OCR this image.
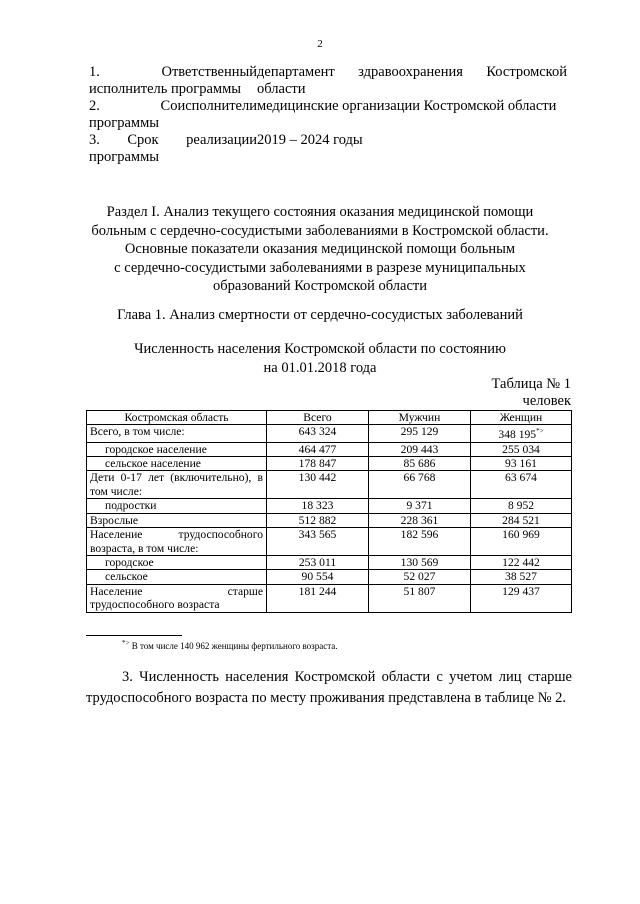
2
1. Ответственный исполнитель программы
департамент здравоохранения Костромской области
2. Соисполнители программы
медицинские организации Костромской области
3. Срок реализации программы
2019 – 2024 годы
Раздел I. Анализ текущего состояния оказания медицинской помощи
больным с сердечно-сосудистыми заболеваниями в Костромской области.
Основные показатели оказания медицинской помощи больным
с сердечно-сосудистыми заболеваниями в разрезе муниципальных
образований Костромской области
Глава 1. Анализ смертности от сердечно-сосудистых заболеваний
Численность населения Костромской области по состоянию
на 01.01.2018 года
Таблица № 1
человек
Костромская область	Всего	Мужчин	Женщин
Всего, в том числе:	643 324	295 129	348 195*>
городское население	464 477	209 443	255 034
сельское население	178 847	85 686	93 161
Дети 0-17 лет (включительно), в том числе:	130 442	66 768	63 674
подростки	18 323	9 371	8 952
Взрослые	512 882	228 361	284 521
Население трудоспособного возраста, в том числе:	343 565	182 596	160 969
городское	253 011	130 569	122 442
сельское	90 554	52 027	38 527
Население старше трудоспособного возраста	181 244	51 807	129 437
*> В том числе 140 962 женщины фертильного возраста.
3. Численность населения Костромской области с учетом лиц старше трудоспособного возраста по месту проживания представлена в таблице № 2.
